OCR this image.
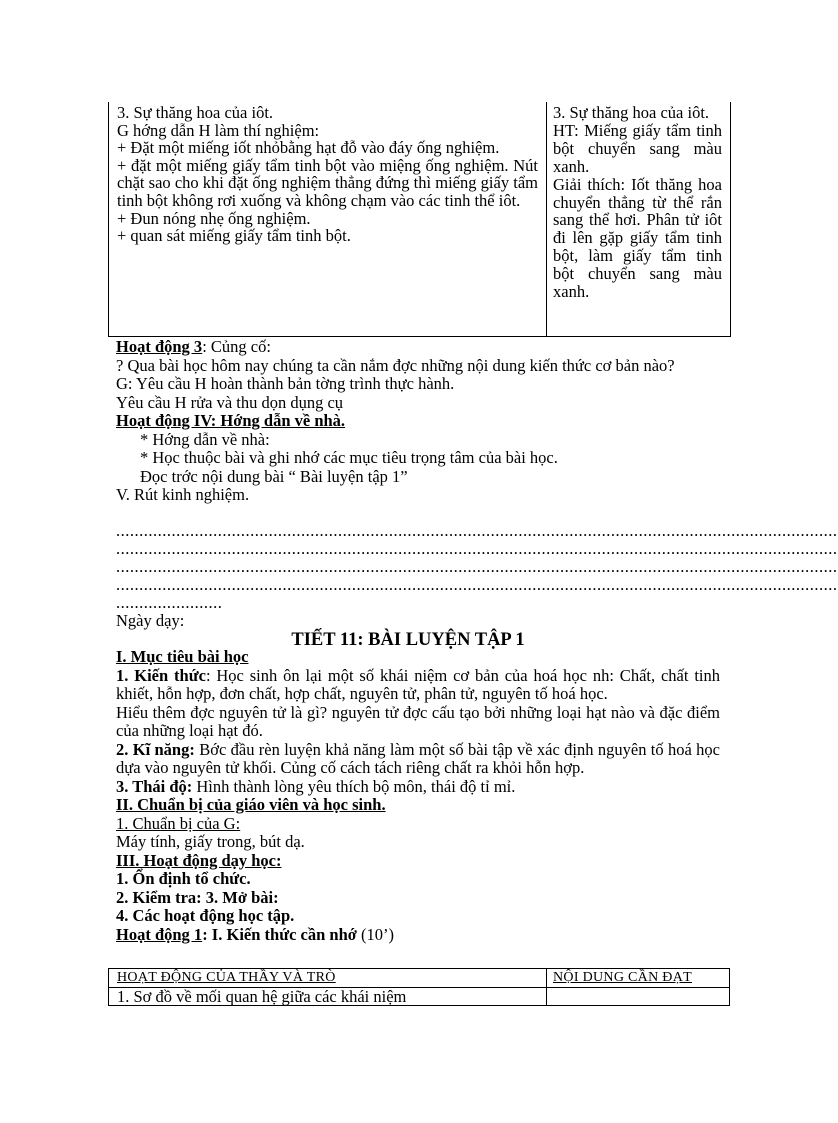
3. Sự thăng hoa của iôt.
G hớng dẫn H làm thí nghiệm:
+ Đặt một miếng iốt nhỏbằng hạt đỗ vào đáy ống nghiệm.
+ đặt một miếng giấy tẩm tinh bột vào miệng ống nghiệm. Nút chặt sao cho khi đặt ống nghiệm thẳng đứng thì miếng giấy tẩm tinh bột không rơi xuống và không chạm vào các tinh thể iôt.
+ Đun nóng nhẹ ống nghiệm.
+ quan sát miếng giấy tẩm tinh bột.
3. Sự thăng hoa của iôt.
HT: Miếng giấy tẩm tinh bột chuyển sang màu xanh.
Giải thích: Iốt thăng hoa chuyển thẳng từ thể rắn sang thể hơi. Phân tử iôt đi lên gặp giấy tẩm tinh bột, làm giấy tẩm tinh bột chuyển sang màu xanh.
Hoạt động 3: Củng cố:
? Qua bài học hôm nay chúng ta cần nắm đợc những nội dung kiến thức cơ bản nào?
G: Yêu cầu H hoàn thành bản tờng trình thực hành.
Yêu cầu H rửa và thu dọn dụng cụ
Hoạt động IV: Hớng dẫn về nhà.
* Hớng dẫn về nhà:
* Học thuộc bài và ghi nhớ các mục tiêu trọng tâm của bài học.
Đọc trớc nội dung bài “ Bài luyện tập 1”
V. Rút kinh nghiệm.
............................................................................................................................................................
............................................................................................................................................................
............................................................................................................................................................
............................................................................................................................................................
.......................
Ngày dạy:
TIẾT 11: BÀI LUYỆN TẬP 1
I. Mục tiêu bài học
1. Kiến thức: Học sinh ôn lại một số khái niệm cơ bản của hoá học nh: Chất, chất tinh khiết, hỗn hợp, đơn chất, hợp chất, nguyên tử, phân tử, nguyên tố hoá học.
Hiểu thêm đợc nguyên tử là gì? nguyên tử đợc cấu tạo bởi những loại hạt nào và đặc điểm của những loại hạt đó.
2. Kĩ năng: Bớc đầu rèn luyện khả năng làm một số bài tập về xác định nguyên tố hoá học dựa vào nguyên tử khối. Củng cố cách tách riêng chất ra khỏi hỗn hợp.
3. Thái độ: Hình thành lòng yêu thích bộ môn, thái độ tỉ mỉ.
II. Chuẩn bị của giáo viên và học sinh.
1. Chuẩn bị của G:
Máy tính, giấy trong, bút dạ.
III. Hoạt động dạy học:
1. Ổn định tổ chức.
2. Kiểm tra: 3. Mở bài:
4. Các hoạt động học tập.
Hoạt động 1: I. Kiến thức cần nhớ (10’)
HOẠT ĐỘNG CỦA THẦY VÀ TRÒ	NỘI DUNG CẦN ĐẠT
1. Sơ đồ về mối quan hệ giữa các khái niệm
